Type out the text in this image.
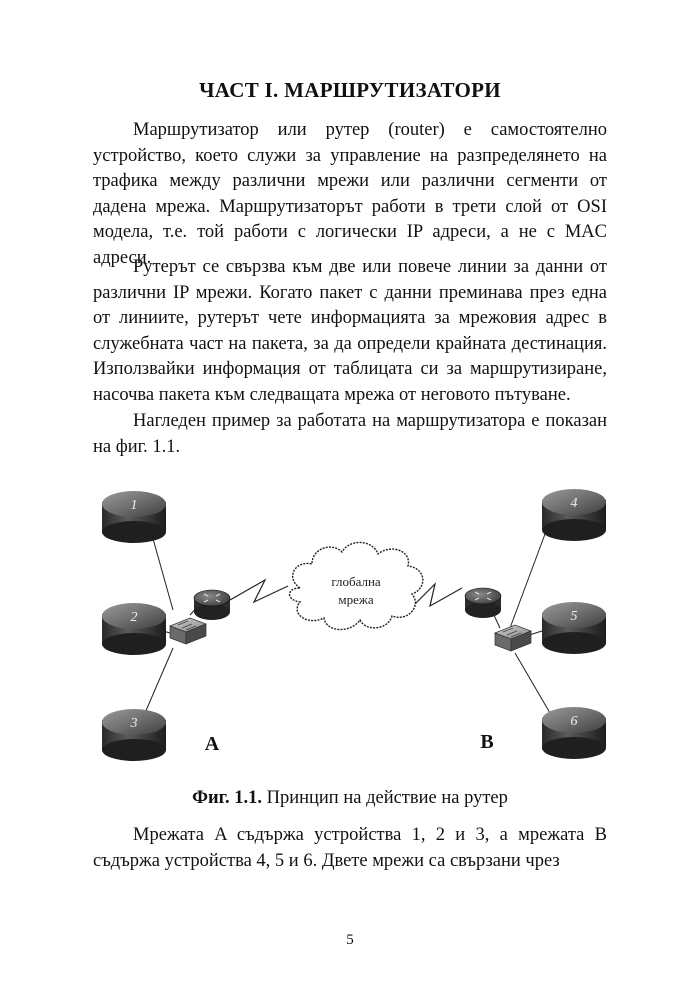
ЧАСТ I. МАРШРУТИЗАТОРИ

Маршрутизатор или рутер (router) е самостоятелно устройство, което служи за управление на разпределянето на трафика между различни мрежи или различни сегменти от дадена мрежа. Маршрутизаторът работи в трети слой от OSI модела, т.е. той работи с логически IP адреси, а не с MAC адреси.

Рутерът се свързва към две или повече линии за данни от различни IP мрежи. Когато пакет с данни преминава през една от линиите, рутерът чете информацията за мрежовия адрес в служебната част на пакета, за да определи крайната дестинация. Използвайки информация от таблицата си за маршрутизиране, насочва пакета към следващата мрежа от неговото пътуване.

Нагледен пример за работата на маршрутизатора е показан на фиг. 1.1.

глобална
мрежа
1
2
3
4
5
6
A	B
Фиг. 1.1. Принцип на действие на рутер

Мрежата A съдържа устройства 1, 2 и 3, а мрежата B съдържа устройства 4, 5 и 6. Двете мрежи са свързани чрез

5
